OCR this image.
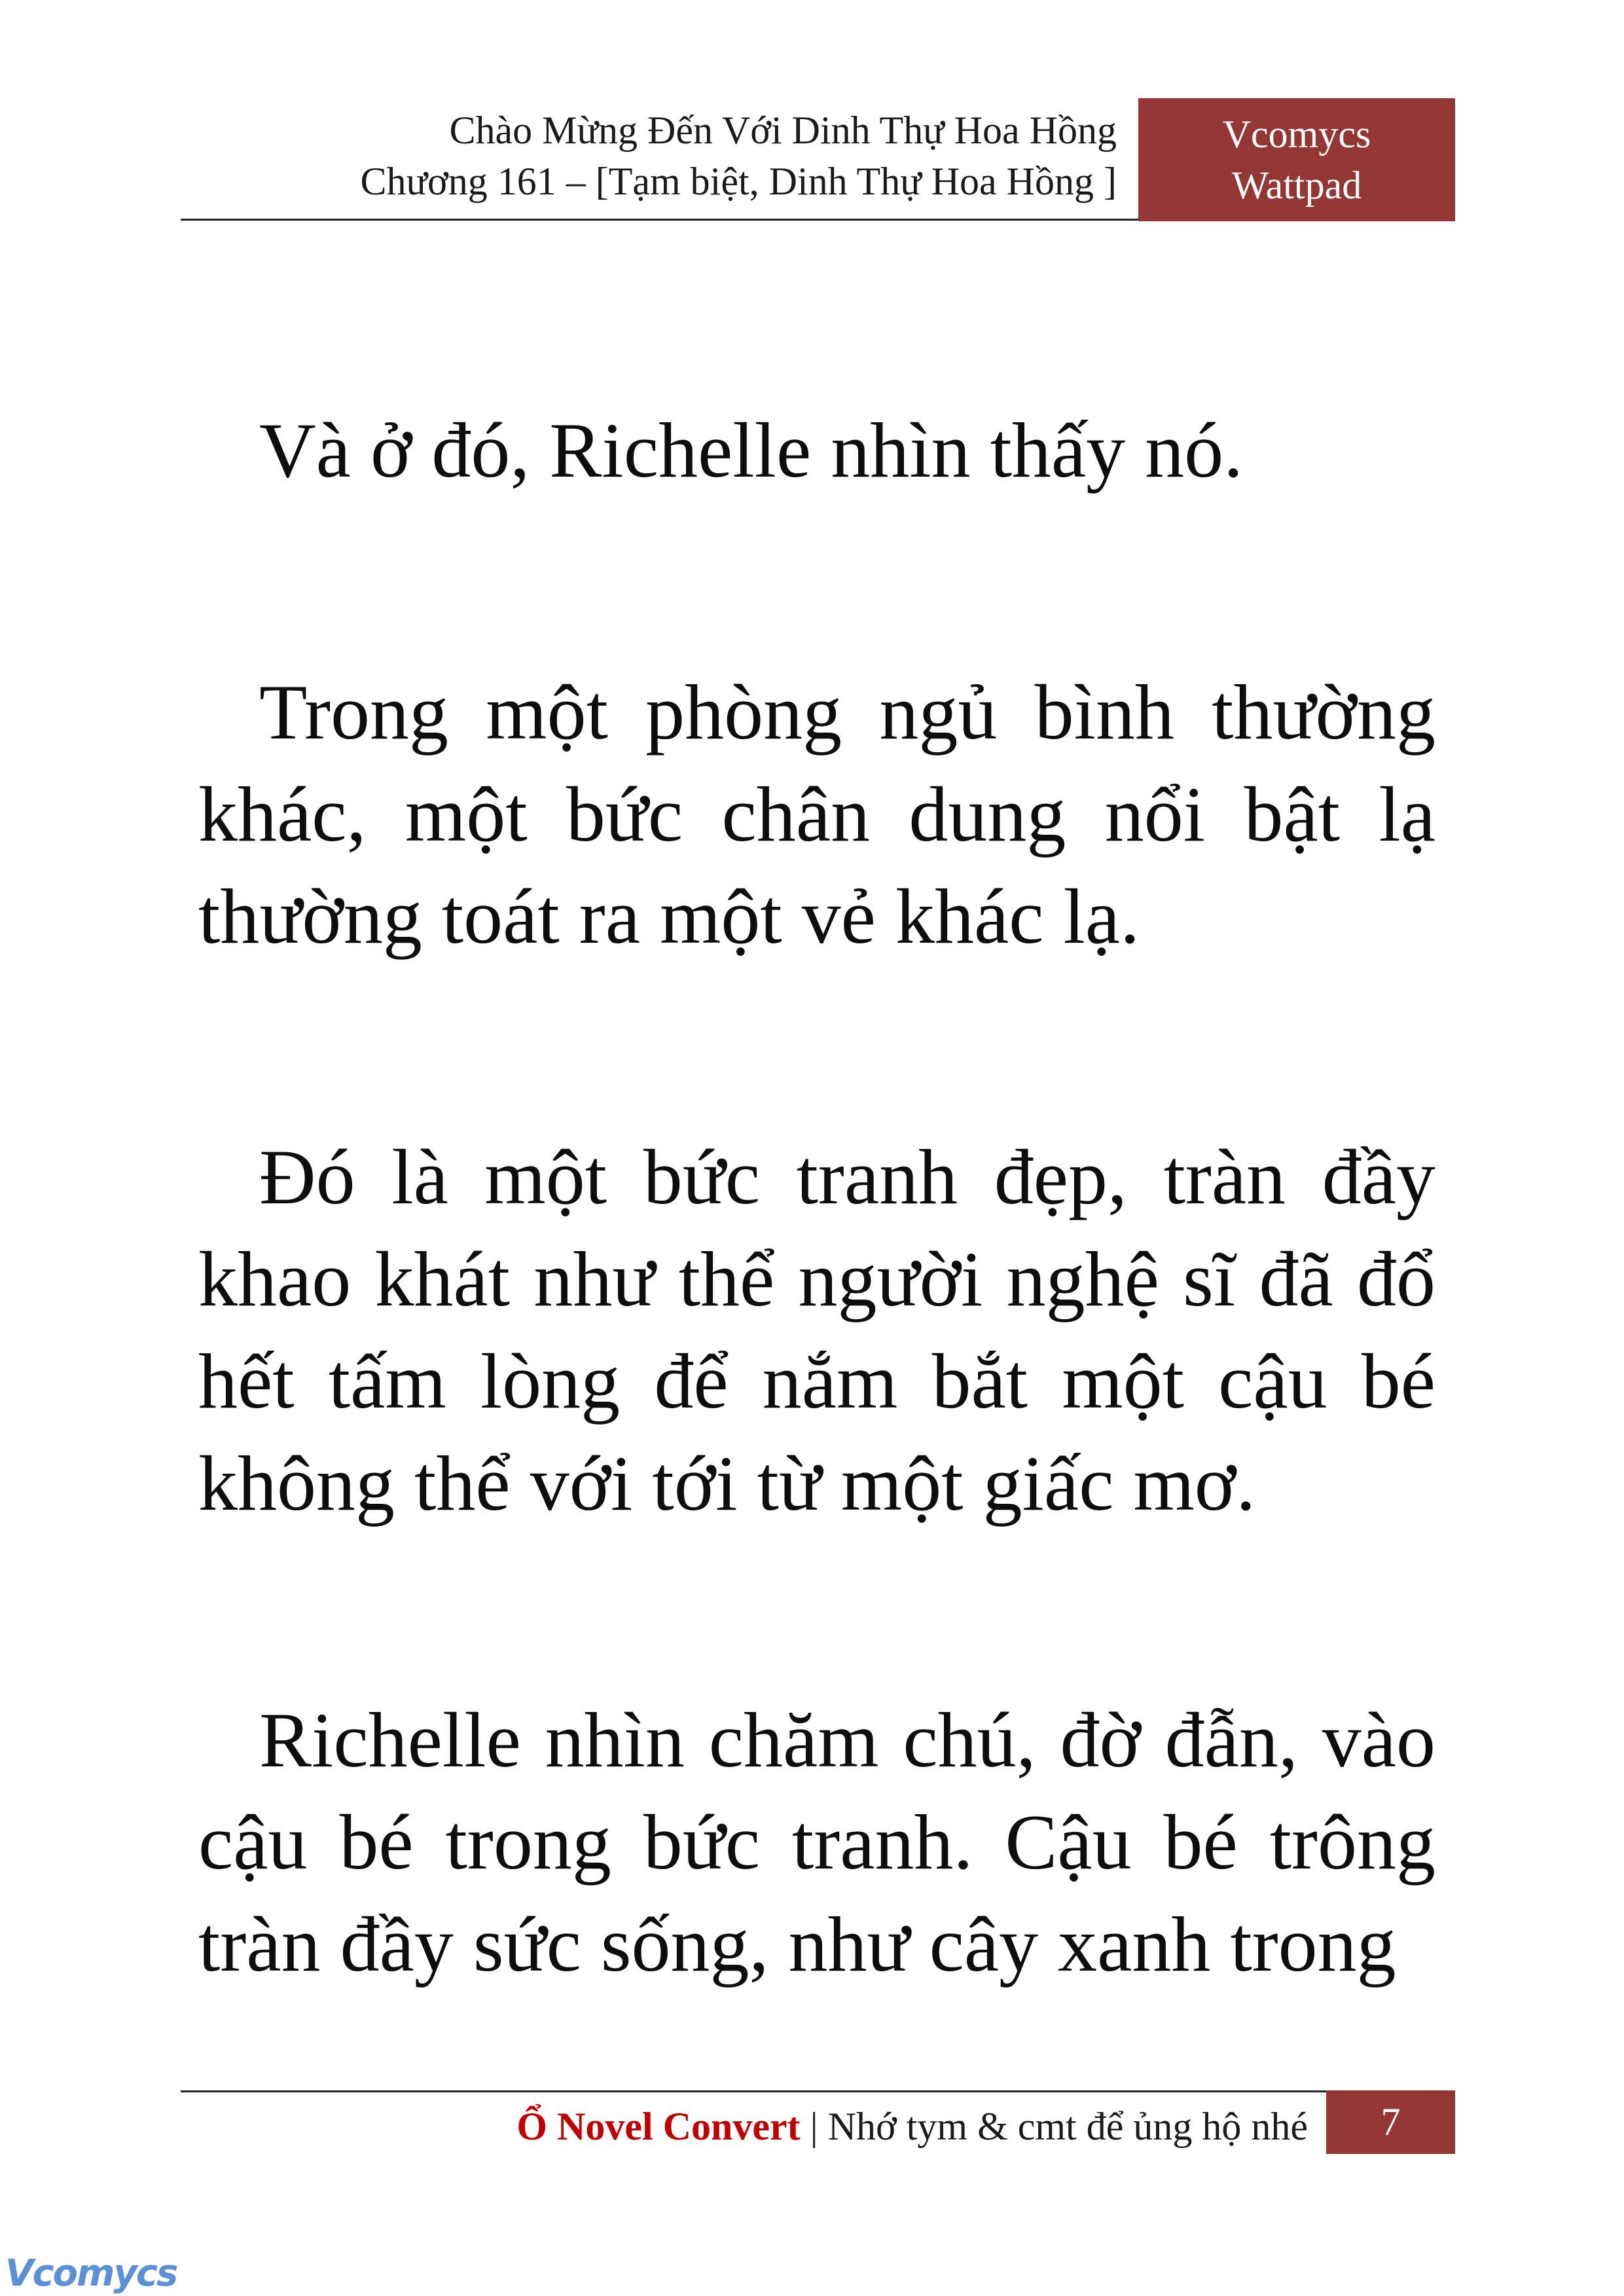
Chào Mừng Đến Với Dinh Thự Hoa Hồng
Chương 161 – [Tạm biệt, Dinh Thự Hoa Hồng ]
Vcomycs
Wattpad
Và ở đó, Richelle nhìn thấy nó.
Trong một phòng ngủ bình thường khác, một bức chân dung nổi bật lạ thường toát ra một vẻ khác lạ.
Đó là một bức tranh đẹp, tràn đầy khao khát như thể người nghệ sĩ đã đổ hết tấm lòng để nắm bắt một cậu bé không thể với tới từ một giấc mơ.
Richelle nhìn chăm chú, đờ đẫn, vào cậu bé trong bức tranh. Cậu bé trông tràn đầy sức sống, như cây xanh trong
Ổ Novel Convert | Nhớ tym & cmt để ủng hộ nhé	7
Vcomycs
